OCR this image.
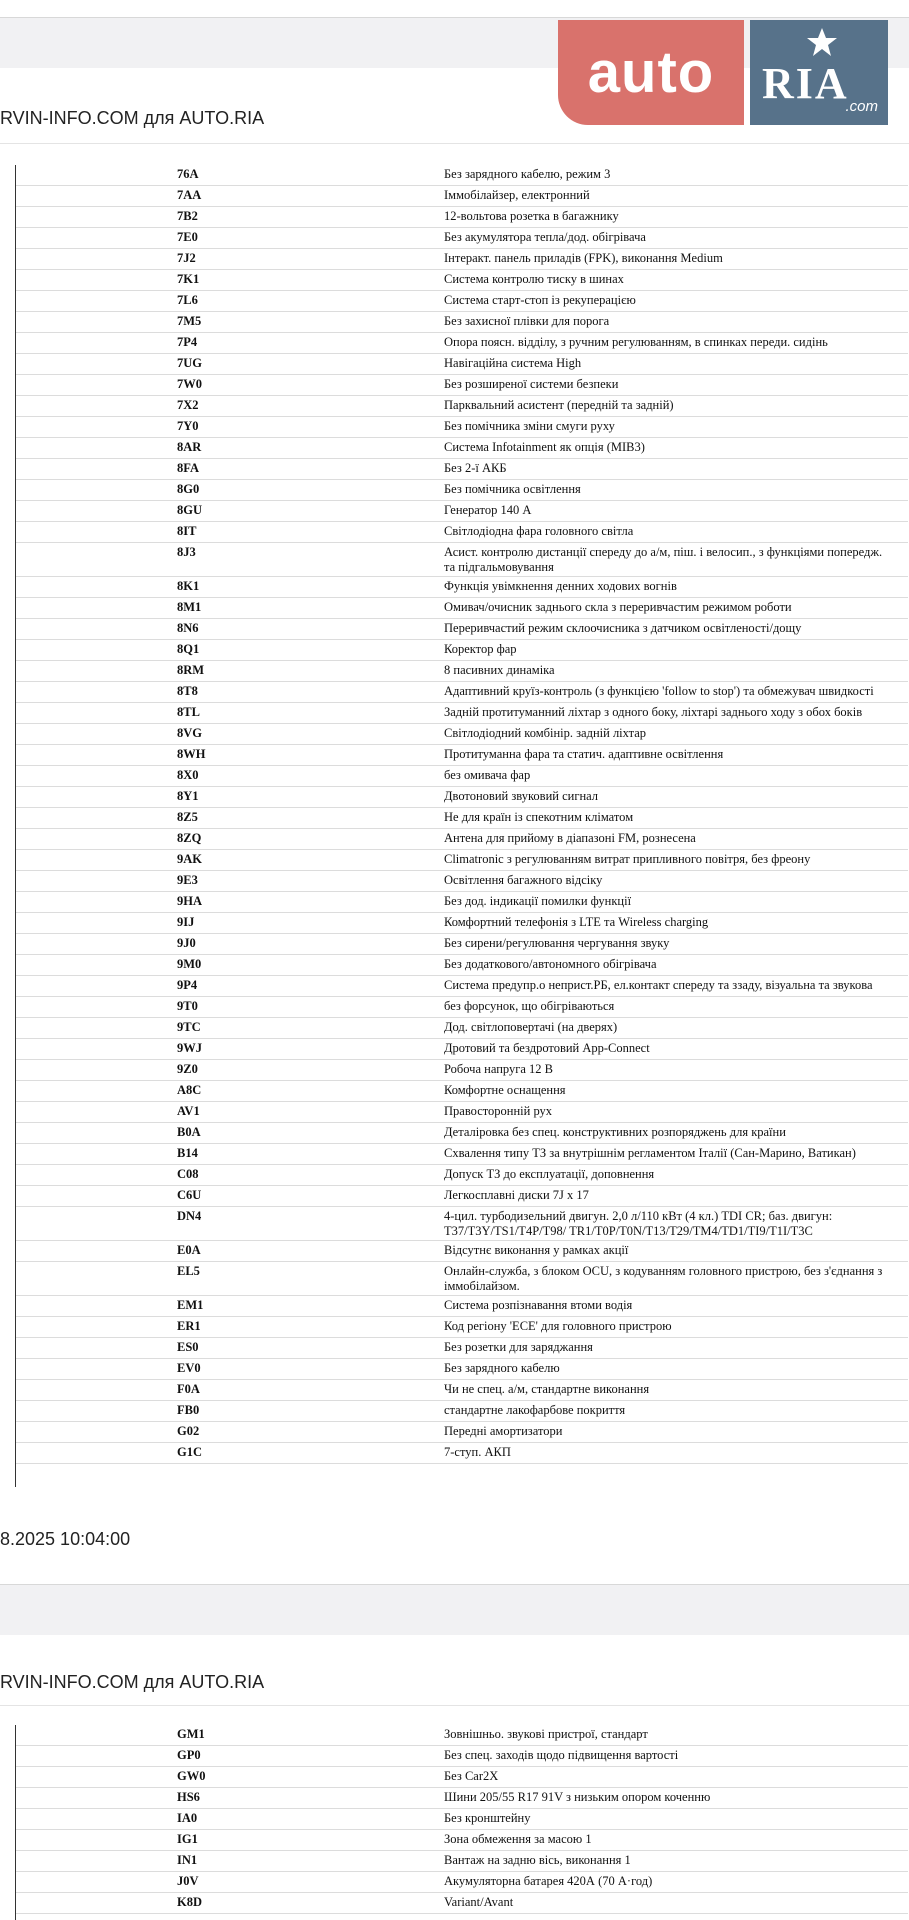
auto RIA
.com
RVIN-INFO.COM для AUTO.RIA
76A	Без зарядного кабелю, режим 3
7AA	Іммобілайзер, електронний
7B2	12-вольтова розетка в багажнику
7E0	Без акумулятора тепла/дод. обігрівача
7J2	Інтеракт. панель приладів (FPK), виконання Medium
7K1	Система контролю тиску в шинах
7L6	Система старт-стоп із рекуперацією
7M5	Без захисної плівки для порога
7P4	Опора поясн. відділу, з ручним регулюванням, в спинках переди. сидінь
7UG	Навігаційна система High
7W0	Без розширеної системи безпеки
7X2	Парквальний асистент (передній та задній)
7Y0	Без помічника зміни смуги руху
8AR	Система Infotainment як опція (MIB3)
8FA	Без 2-ї АКБ
8G0	Без помічника освітлення
8GU	Генератор 140 А
8IT	Світлодіодна фара головного світла
8J3	Асист. контролю дистанції спереду до а/м, піш. і велосип., з функціями попередж. та підгальмовування
8K1	Функція увімкнення денних ходових вогнів
8M1	Омивач/очисник заднього скла з переривчастим режимом роботи
8N6	Переривчастий режим склоочисника з датчиком освітленості/дощу
8Q1	Коректор фар
8RM	8 пасивних динаміка
8T8	Адаптивний круїз-контроль (з функцією 'follow to stop') та обмежувач швидкості
8TL	Задній протитуманний ліхтар з одного боку, ліхтарі заднього ходу з обох боків
8VG	Світлодіодний комбінір. задній ліхтар
8WH	Протитуманна фара та статич. адаптивне освітлення
8X0	без омивача фар
8Y1	Двотоновий звуковий сигнал
8Z5	Не для країн із спекотним кліматом
8ZQ	Антена для прийому в діапазоні FM, рознесена
9AK	Climatronic з регулюванням витрат припливного повітря, без фреону
9E3	Освітлення багажного відсіку
9HA	Без дод. індикації помилки функції
9IJ	Комфортний телефонія з LTE та Wireless charging
9J0	Без сирени/регулювання чергування звуку
9M0	Без додаткового/автономного обігрівача
9P4	Система предупр.о неприст.РБ, ел.контакт спереду та ззаду, візуальна та звукова
9T0	без форсунок, що обігріваються
9TC	Дод. світлоповертачі (на дверях)
9WJ	Дротовий та бездротовий App-Connect
9Z0	Робоча напруга 12 В
A8C	Комфортне оснащення
AV1	Правосторонній рух
B0A	Деталіровка без спец. конструктивних розпоряджень для країни
B14	Схвалення типу ТЗ за внутрішнім регламентом Італії (Сан-Марино, Ватикан)
C08	Допуск ТЗ до експлуатації, доповнення
C6U	Легкосплавні диски 7J x 17
DN4	4-цил. турбодизельний двигун. 2,0 л/110 кВт (4 кл.) TDI CR; баз. двигун: T37/T3Y/TS1/T4P/T98/ TR1/T0P/T0N/T13/T29/TM4/TD1/TI9/T1I/T3C
E0A	Відсутнє виконання у рамках акції
EL5	Онлайн-служба, з блоком OCU, з кодуванням головного пристрою, без з'єднання з іммобілайзом.
EM1	Система розпізнавання втоми водія
ER1	Код регіону 'ECE' для головного пристрою
ES0	Без розетки для заряджання
EV0	Без зарядного кабелю
F0A	Чи не спец. а/м, стандартне виконання
FB0	стандартне лакофарбове покриття
G02	Передні амортизатори
G1C	7-ступ. АКП
8.2025 10:04:00
RVIN-INFO.COM для AUTO.RIA
GM1	Зовнішньо. звукові пристрої, стандарт
GP0	Без спец. заходів щодо підвищення вартості
GW0	Без Car2X
HS6	Шини 205/55 R17 91V з низьким опором коченню
IA0	Без кронштейну
IG1	Зона обмеження за масою 1
IN1	Вантаж на задню вісь, виконання 1
J0V	Акумуляторна батарея 420А (70 А·год)
K8D	Variant/Avant
